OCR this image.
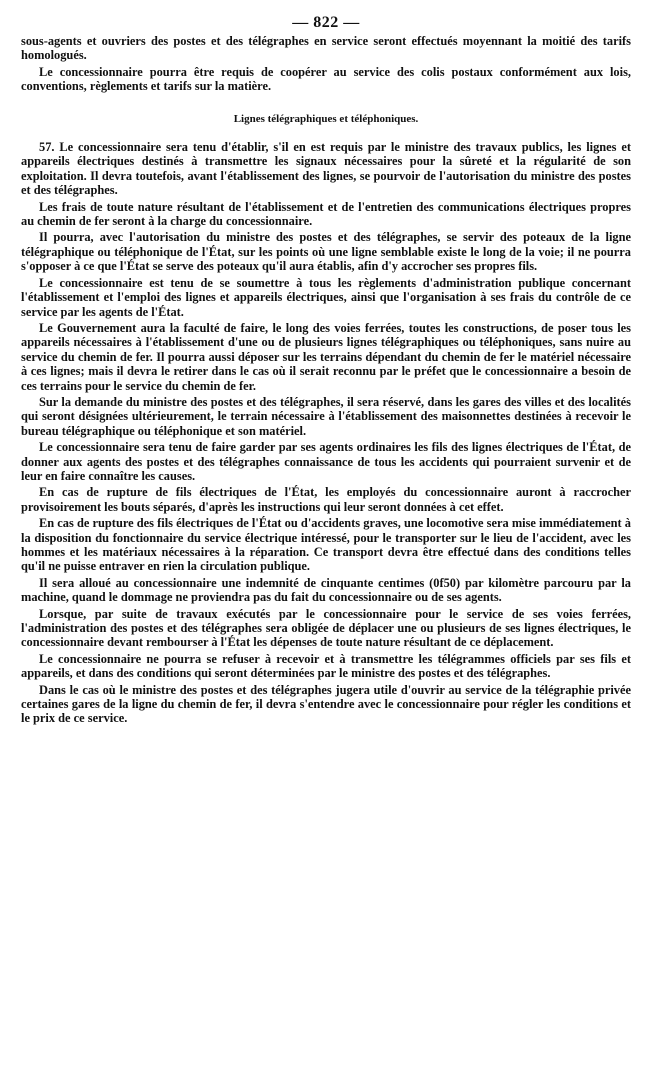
— 822 —

sous-agents et ouvriers des postes et des télégraphes en service seront effectués moyennant la moitié des tarifs homologués.

Le concessionnaire pourra être requis de coopérer au service des colis postaux conformément aux lois, conventions, règlements et tarifs sur la matière.

Lignes télégraphiques et téléphoniques.

57. Le concessionnaire sera tenu d'établir, s'il en est requis par le ministre des travaux publics, les lignes et appareils électriques destinés à transmettre les signaux nécessaires pour la sûreté et la régularité de son exploitation. Il devra toutefois, avant l'établissement des lignes, se pourvoir de l'autorisation du ministre des postes et des télégraphes.

Les frais de toute nature résultant de l'établissement et de l'entretien des communications électriques propres au chemin de fer seront à la charge du concessionnaire.

Il pourra, avec l'autorisation du ministre des postes et des télégraphes, se servir des poteaux de la ligne télégraphique ou téléphonique de l'État, sur les points où une ligne semblable existe le long de la voie; il ne pourra s'opposer à ce que l'État se serve des poteaux qu'il aura établis, afin d'y accrocher ses propres fils.

Le concessionnaire est tenu de se soumettre à tous les règlements d'administration publique concernant l'établissement et l'emploi des lignes et appareils électriques, ainsi que l'organisation à ses frais du contrôle de ce service par les agents de l'État.

Le Gouvernement aura la faculté de faire, le long des voies ferrées, toutes les constructions, de poser tous les appareils nécessaires à l'établissement d'une ou de plusieurs lignes télégraphiques ou téléphoniques, sans nuire au service du chemin de fer. Il pourra aussi déposer sur les terrains dépendant du chemin de fer le matériel nécessaire à ces lignes; mais il devra le retirer dans le cas où il serait reconnu par le préfet que le concessionnaire a besoin de ces terrains pour le service du chemin de fer.

Sur la demande du ministre des postes et des télégraphes, il sera réservé, dans les gares des villes et des localités qui seront désignées ultérieurement, le terrain nécessaire à l'établissement des maisonnettes destinées à recevoir le bureau télégraphique ou téléphonique et son matériel.

Le concessionnaire sera tenu de faire garder par ses agents ordinaires les fils des lignes électriques de l'État, de donner aux agents des postes et des télégraphes connaissance de tous les accidents qui pourraient survenir et de leur en faire connaître les causes.

En cas de rupture de fils électriques de l'État, les employés du concessionnaire auront à raccrocher provisoirement les bouts séparés, d'après les instructions qui leur seront données à cet effet.

En cas de rupture des fils électriques de l'État ou d'accidents graves, une locomotive sera mise immédiatement à la disposition du fonctionnaire du service électrique intéressé, pour le transporter sur le lieu de l'accident, avec les hommes et les matériaux nécessaires à la réparation. Ce transport devra être effectué dans des conditions telles qu'il ne puisse entraver en rien la circulation publique.

Il sera alloué au concessionnaire une indemnité de cinquante centimes (0f50) par kilomètre parcouru par la machine, quand le dommage ne proviendra pas du fait du concessionnaire ou de ses agents.

Lorsque, par suite de travaux exécutés par le concessionnaire pour le service de ses voies ferrées, l'administration des postes et des télégraphes sera obligée de déplacer une ou plusieurs de ses lignes électriques, le concessionnaire devant rembourser à l'État les dépenses de toute nature résultant de ce déplacement.

Le concessionnaire ne pourra se refuser à recevoir et à transmettre les télégrammes officiels par ses fils et appareils, et dans des conditions qui seront déterminées par le ministre des postes et des télégraphes.

Dans le cas où le ministre des postes et des télégraphes jugera utile d'ouvrir au service de la télégraphie privée certaines gares de la ligne du chemin de fer, il devra s'entendre avec le concessionnaire pour régler les conditions et le prix de ce service.
